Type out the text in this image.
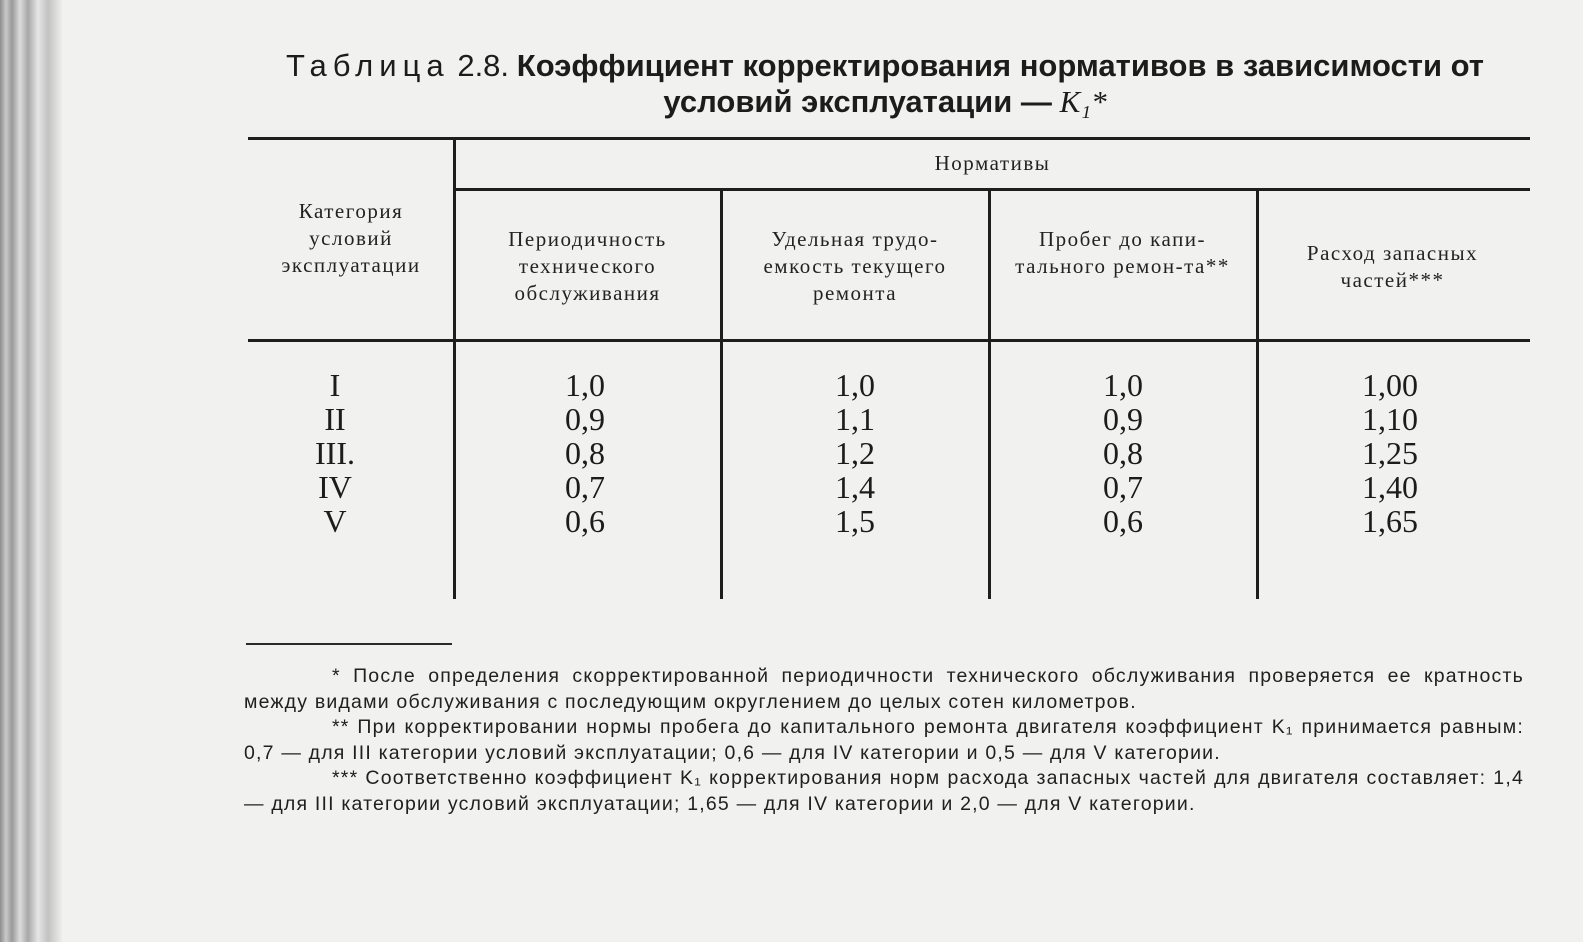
Таблица 2.8. Коэффициент корректирования нормативов в зависимости от условий эксплуатации — K₁*
Категория условий эксплуатации
Нормативы
Периодичность технического обслуживания
Удельная трудо-емкость текущего ремонта
Пробег до капи-тального ремон-та**
Расход запасных частей***
I
II
III.
IV
V
1,0
0,9
0,8
0,7
0,6
1,0
1,1
1,2
1,4
1,5
1,0
0,9
0,8
0,7
0,6
1,00
1,10
1,25
1,40
1,65

* После определения скорректированной периодичности технического обслуживания проверяется ее кратность между видами обслуживания с последующим округлением до целых сотен километров.

** При корректировании нормы пробега до капитального ремонта двигателя коэффициент K₁ принимается равным: 0,7 — для III категории условий эксплуатации; 0,6 — для IV категории и 0,5 — для V категории.

*** Соответственно коэффициент K₁ корректирования норм расхода запасных частей для двигателя составляет: 1,4 — для III категории условий эксплуатации; 1,65 — для IV категории и 2,0 — для V категории.
